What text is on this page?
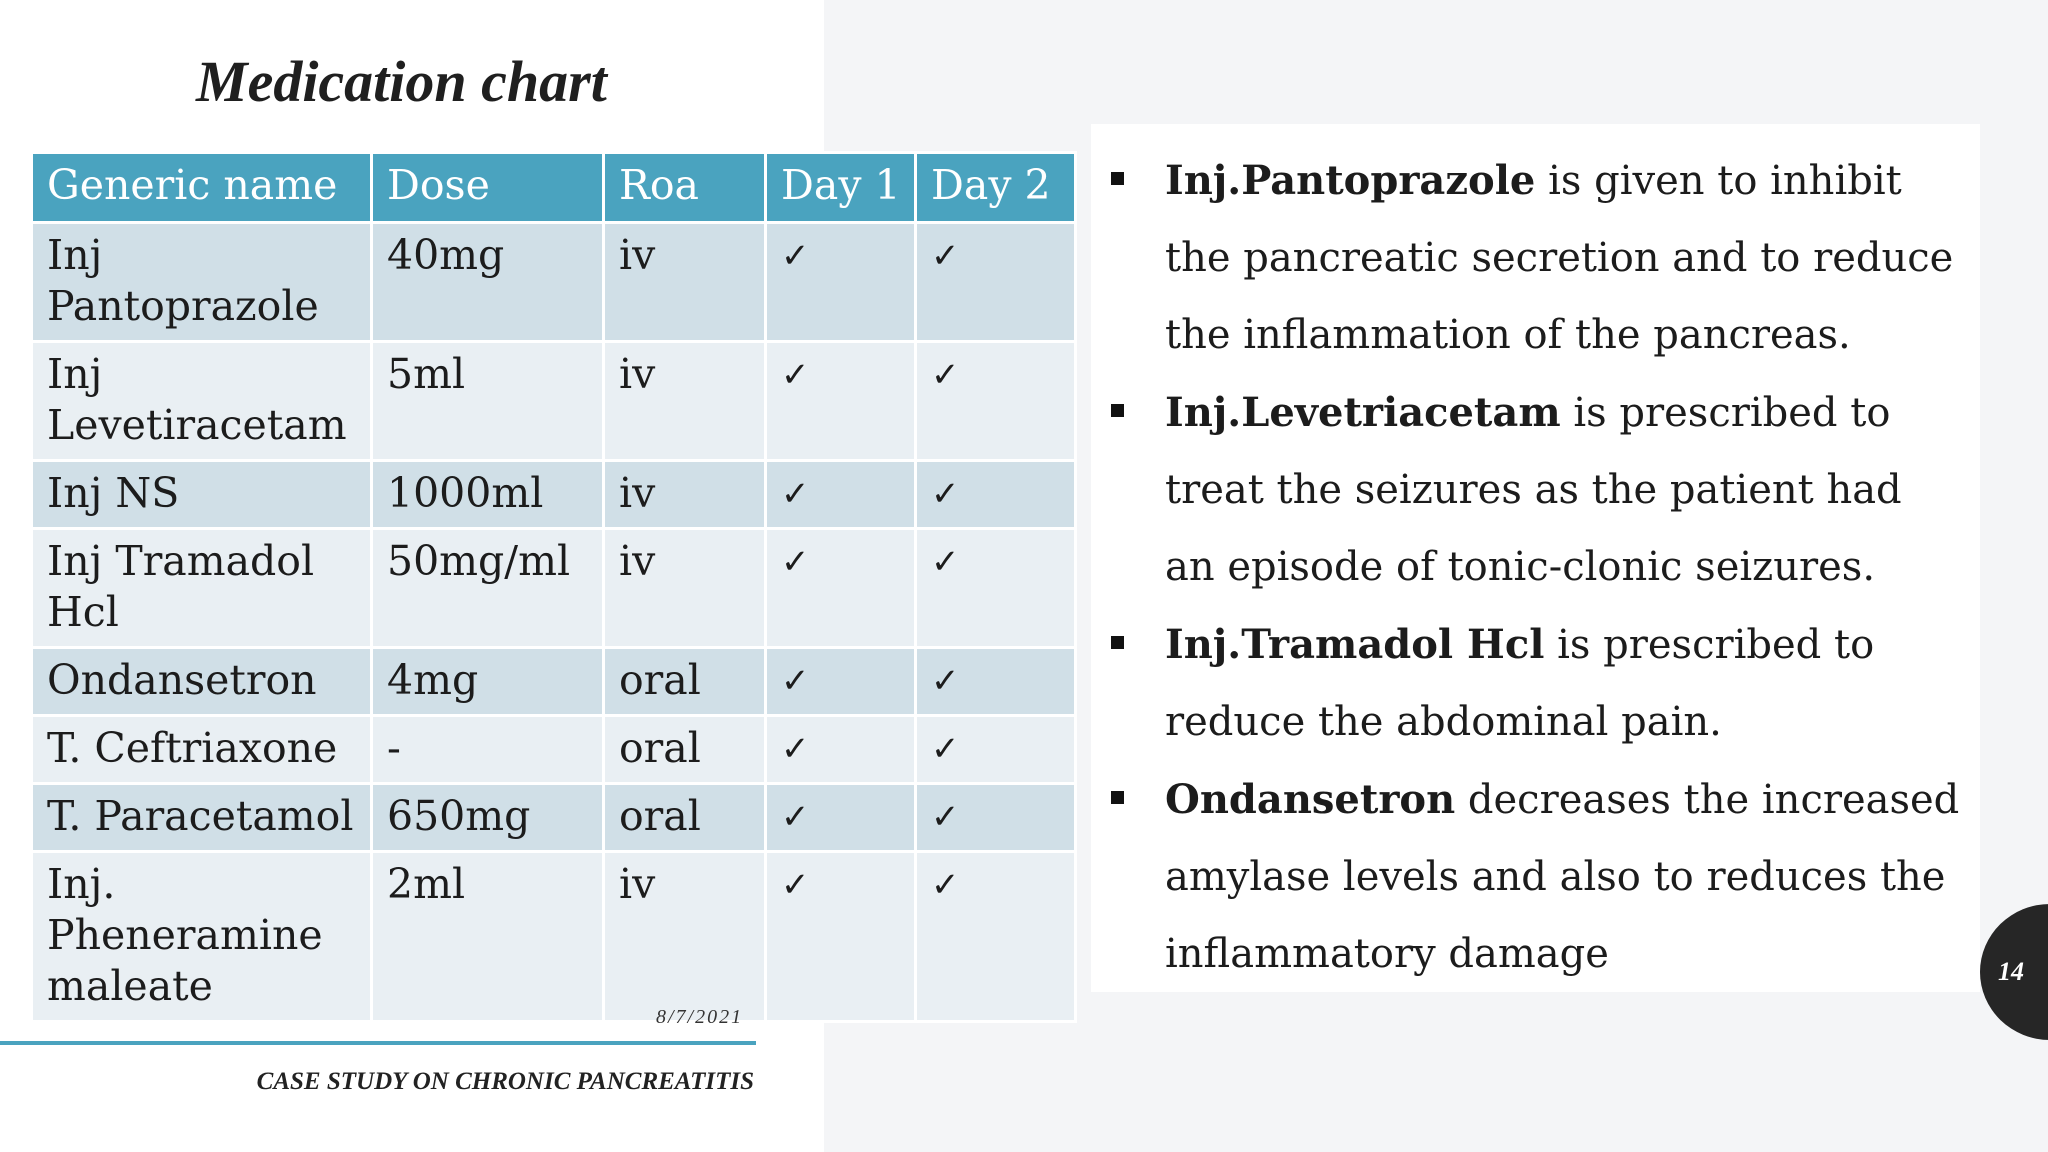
Medication chart
Generic name	Dose	Roa	Day 1	Day 2
Inj Pantoprazole	40mg	iv	✓	✓
Inj Levetiracetam	5ml	iv	✓	✓
Inj NS	1000ml	iv	✓	✓
Inj Tramadol Hcl	50mg/ml	iv	✓	✓
Ondansetron	4mg	oral	✓	✓
T. Ceftriaxone	-	oral	✓	✓
T. Paracetamol	650mg	oral	✓	✓
Inj. Pheneramine maleate	2ml	iv	✓	✓
8/7/2021
CASE STUDY ON CHRONIC PANCREATITIS
Inj.Pantoprazole is given to inhibit the pancreatic secretion and to reduce the inflammation of the pancreas.
Inj.Levetriacetam is prescribed to treat the seizures as the patient had an episode of tonic-clonic seizures.
Inj.Tramadol Hcl is prescribed to reduce the abdominal pain.
Ondansetron decreases the increased amylase levels and also to reduces the inflammatory damage	14
